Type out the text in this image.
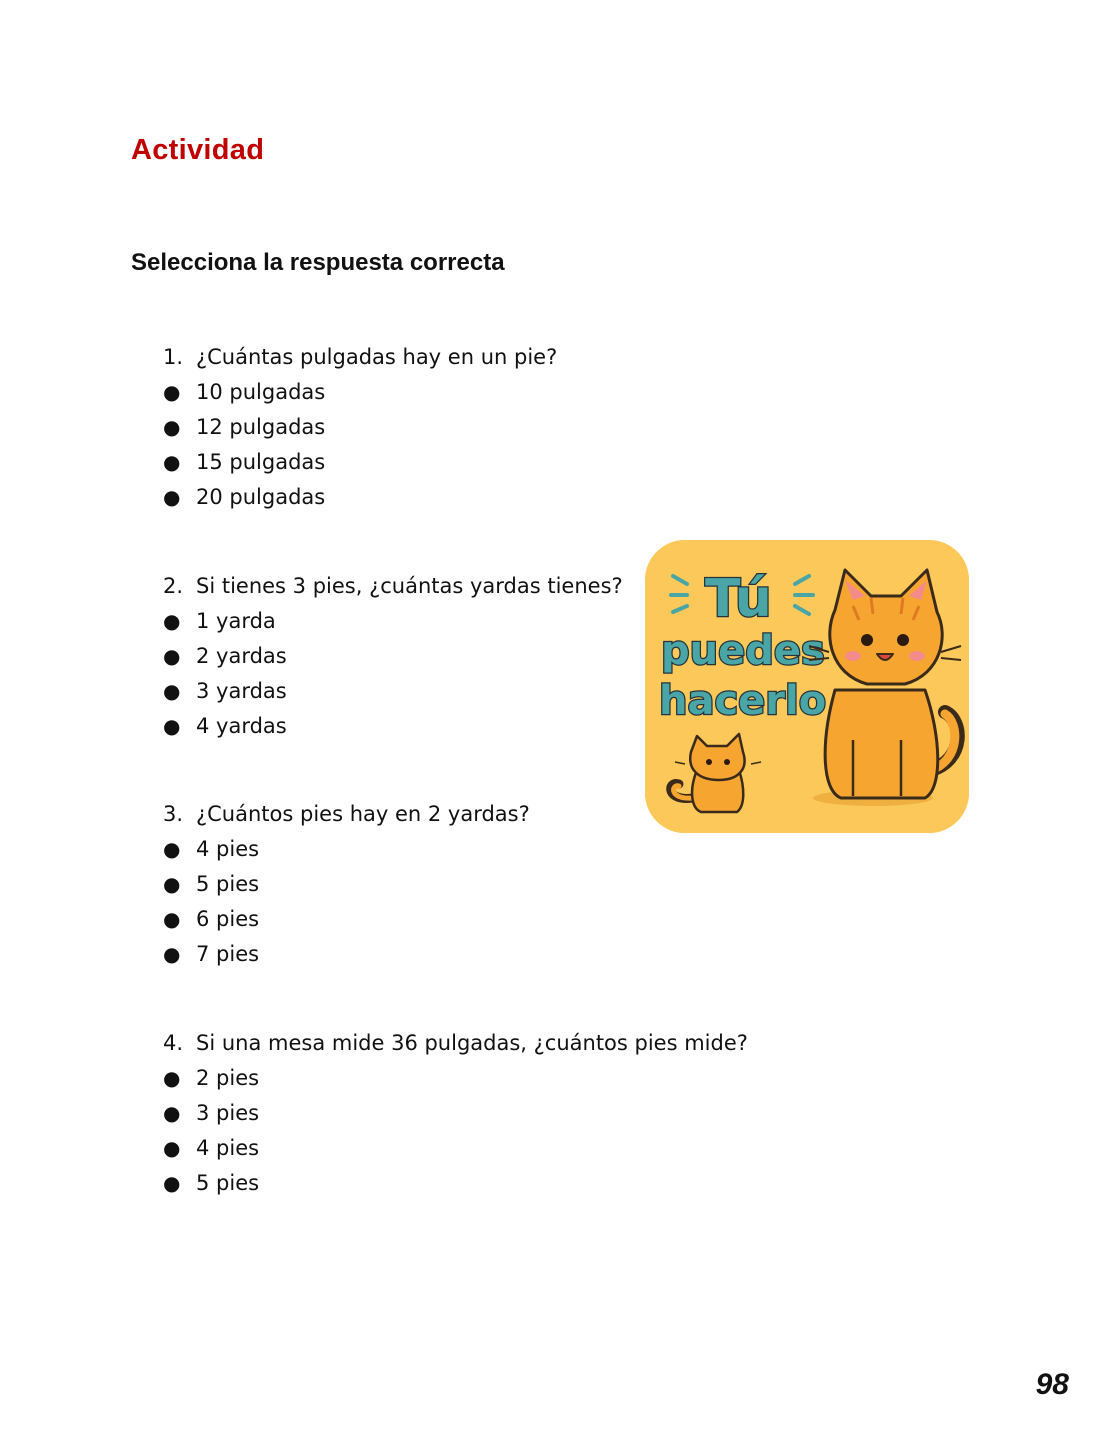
Actividad
Selecciona la respuesta correcta
1. ¿Cuántas pulgadas hay en un pie?
● 10 pulgadas
● 12 pulgadas
● 15 pulgadas
● 20 pulgadas
2. Si tienes 3 pies, ¿cuántas yardas tienes?
● 1 yarda
● 2 yardas
● 3 yardas
● 4 yardas
3. ¿Cuántos pies hay en 2 yardas?
● 4 pies
● 5 pies
● 6 pies
● 7 pies
4. Si una mesa mide 36 pulgadas, ¿cuántos pies mide?
● 2 pies
● 3 pies
● 4 pies
● 5 pies
Tú
puedes
hacerlo
98
